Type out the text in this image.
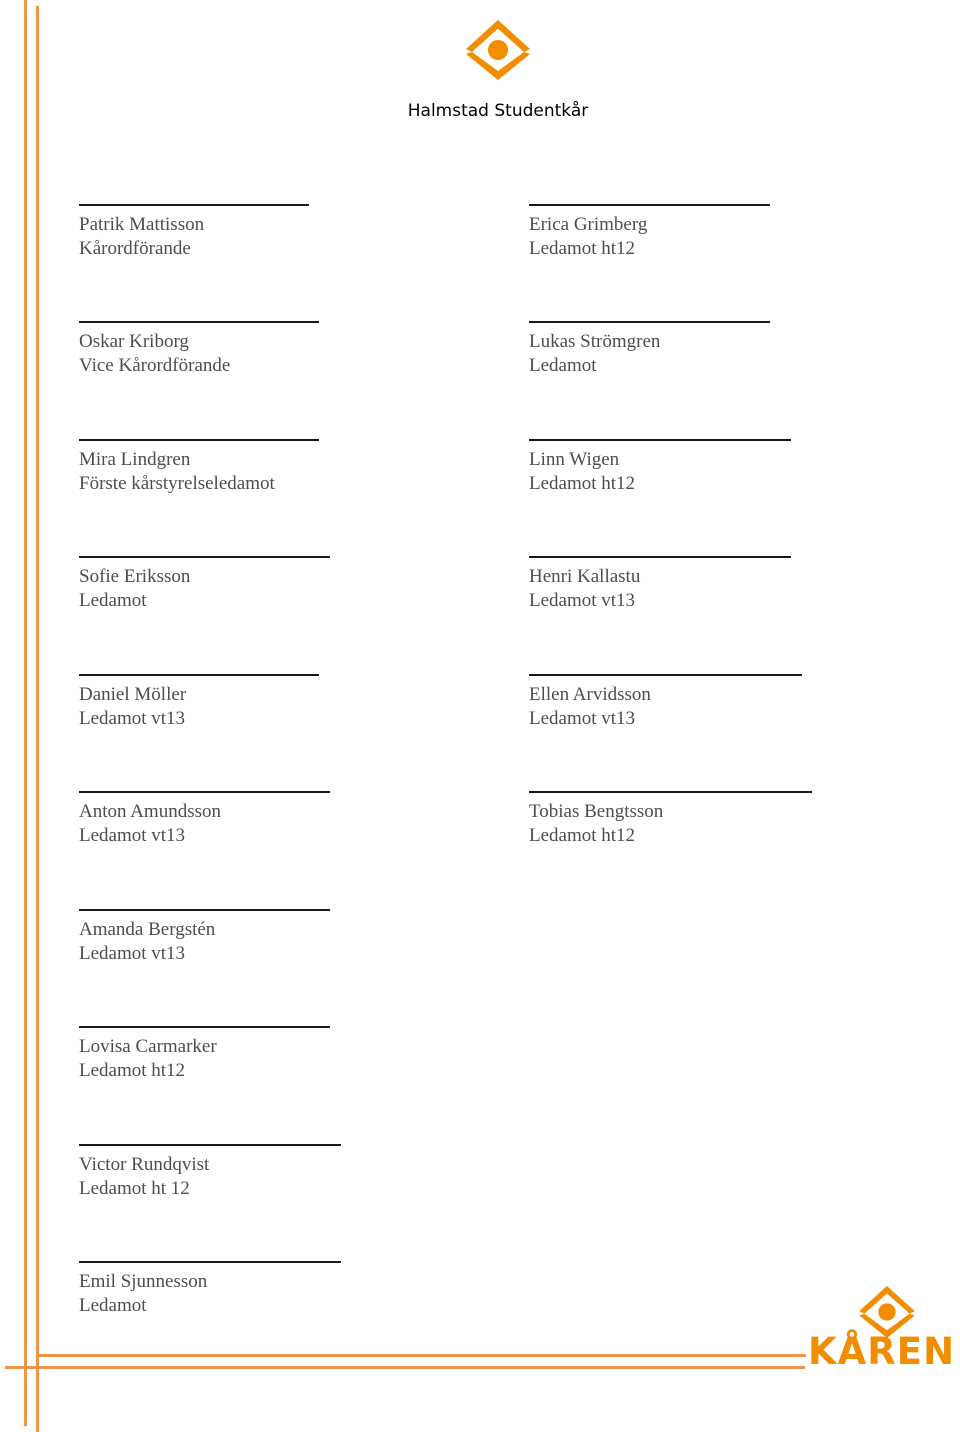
Halmstad Studentkår
Patrik Mattisson
Kårordförande
Oskar Kriborg
Vice Kårordförande
Mira Lindgren
Förste kårstyrelseledamot
Sofie Eriksson
Ledamot
Daniel Möller
Ledamot vt13
Anton Amundsson
Ledamot vt13
Amanda Bergstén
Ledamot vt13
Lovisa Carmarker
Ledamot ht12
Victor Rundqvist
Ledamot ht 12
Emil Sjunnesson
Ledamot
Erica Grimberg
Ledamot ht12
Lukas Strömgren
Ledamot
Linn Wigen
Ledamot ht12
Henri Kallastu
Ledamot vt13
Ellen Arvidsson
Ledamot vt13
Tobias Bengtsson
Ledamot ht12
KÅREN
